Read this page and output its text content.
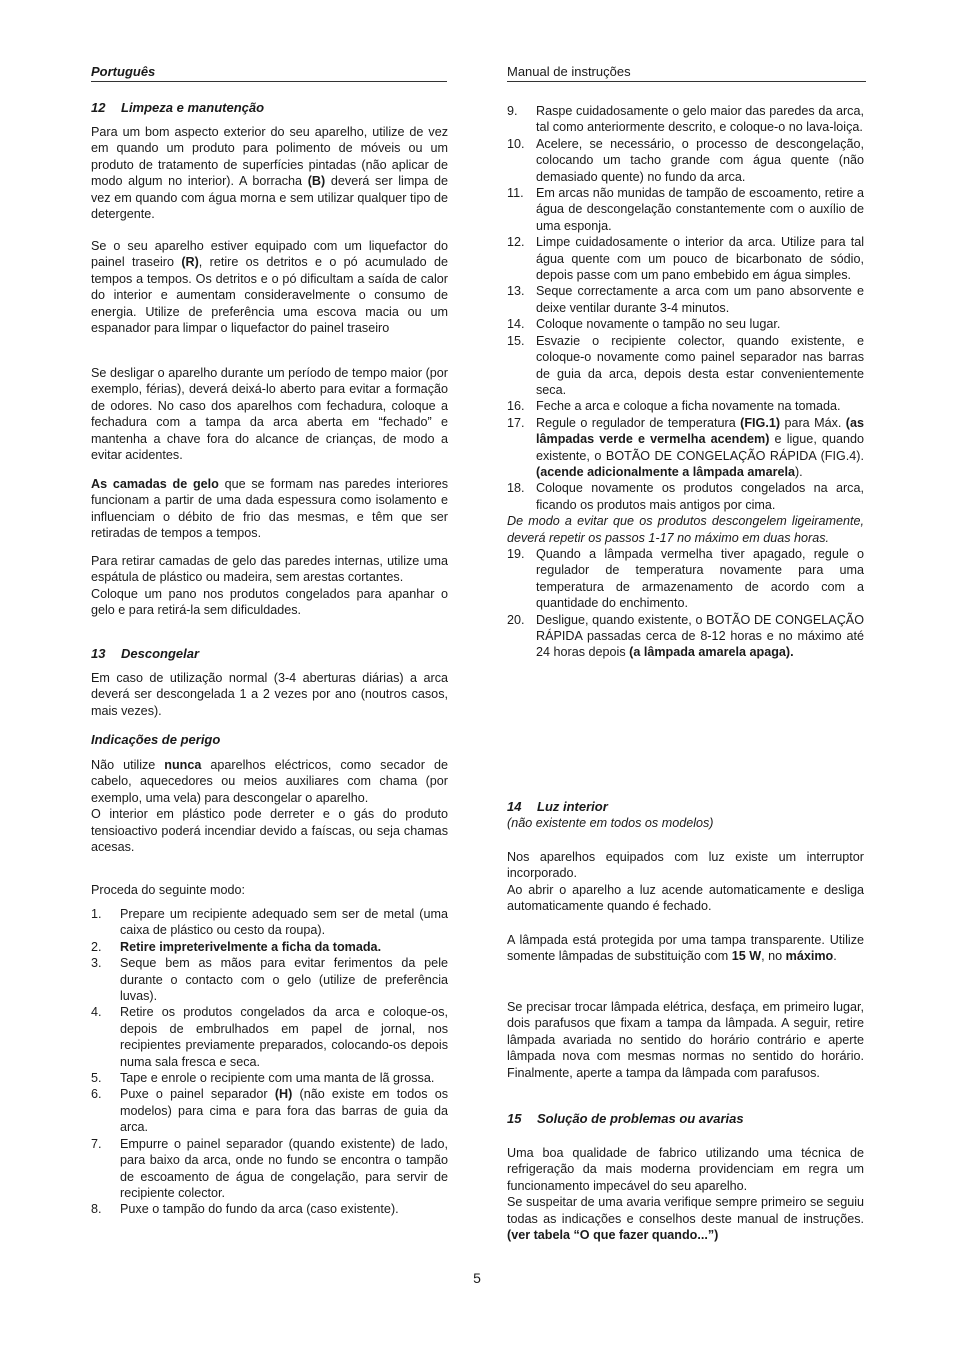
Português	Manual de instruções
12 Limpeza e manutenção

Para um bom aspecto exterior do seu aparelho, utilize de vez em quando um produto para polimento de móveis ou um produto de tratamento de superfícies pintadas (não aplicar de modo algum no interior). A borracha (B) deverá ser limpa de vez em quando com água morna e sem utilizar qualquer tipo de detergente.

Se o seu aparelho estiver equipado com um liquefactor do painel traseiro (R), retire os detritos e o pó acumulado de tempos a tempos. Os detritos e o pó dificultam a saída de calor do interior e aumentam consideravelmente o consumo de energia. Utilize de preferência uma escova macia ou um espanador para limpar o liquefactor do painel traseiro

Se desligar o aparelho durante um período de tempo maior (por exemplo, férias), deverá deixá-lo aberto para evitar a formação de odores. No caso dos aparelhos com fechadura, coloque a fechadura com a tampa da arca aberta em “fechado” e mantenha a chave fora do alcance de crianças, de modo a evitar acidentes.

As camadas de gelo que se formam nas paredes interiores funcionam a partir de uma dada espessura como isolamento e influenciam o débito de frio das mesmas, e têm que ser retiradas de tempos a tempos.

Para retirar camadas de gelo das paredes internas, utilize uma espátula de plástico ou madeira, sem arestas cortantes.

Coloque um pano nos produtos congelados para apanhar o gelo e para retirá-la sem dificuldades.

13 Descongelar

Em caso de utilização normal (3-4 aberturas diárias) a arca deverá ser descongelada 1 a 2 vezes por ano (noutros casos, mais vezes).

Indicações de perigo

Não utilize nunca aparelhos eléctricos, como secador de cabelo, aquecedores ou meios auxiliares com chama (por exemplo, uma vela) para descongelar o aparelho.

O interior em plástico pode derreter e o gás do produto tensioactivo poderá incendiar devido a faíscas, ou seja chamas acesas.

Proceda do seguinte modo:

1. Prepare um recipiente adequado sem ser de metal (uma caixa de plástico ou cesto da roupa).
2. Retire impreterivelmente a ficha da tomada.
3. Seque bem as mãos para evitar ferimentos da pele durante o contacto com o gelo (utilize de preferência luvas).
4. Retire os produtos congelados da arca e coloque-os, depois de embrulhados em papel de jornal, nos recipientes previamente preparados, colocando-os depois numa sala fresca e seca.
5. Tape e enrole o recipiente com uma manta de lã grossa.
6. Puxe o painel separador (H) (não existe em todos os modelos) para cima e para fora das barras de guia da arca.
7. Empurre o painel separador (quando existente) de lado, para baixo da arca, onde no fundo se encontra o tampão de escoamento de água de congelação, para servir de recipiente colector.
8. Puxe o tampão do fundo da arca (caso existente).
9. Raspe cuidadosamente o gelo maior das paredes da arca, tal como anteriormente descrito, e coloque-o no lava-loiça.
10. Acelere, se necessário, o processo de descongelação, colocando um tacho grande com água quente (não demasiado quente) no fundo da arca.
11. Em arcas não munidas de tampão de escoamento, retire a água de descongelação constantemente com o auxílio de uma esponja.
12. Limpe cuidadosamente o interior da arca. Utilize para tal água quente com um pouco de bicarbonato de sódio, depois passe com um pano embebido em água simples.
13. Seque correctamente a arca com um pano absorvente e deixe ventilar durante 3-4 minutos.
14. Coloque novamente o tampão no seu lugar.
15. Esvazie o recipiente colector, quando existente, e coloque-o novamente como painel separador nas barras de guia da arca, depois desta estar convenientemente seca.
16. Feche a arca e coloque a ficha novamente na tomada.
17. Regule o regulador de temperatura (FIG.1) para Máx. (as lâmpadas verde e vermelha acendem) e ligue, quando existente, o BOTÃO DE CONGELAÇÃO RÁPIDA (FIG.4). (acende adicionalmente a lâmpada amarela).
18. Coloque novamente os produtos congelados na arca, ficando os produtos mais antigos por cima.

De modo a evitar que os produtos descongelem ligeiramente, deverá repetir os passos 1-17 no máximo em duas horas.

19. Quando a lâmpada vermelha tiver apagado, regule o regulador de temperatura novamente para uma temperatura de armazenamento de acordo com a quantidade do enchimento.
20. Desligue, quando existente, o BOTÃO DE CONGELAÇÃO RÁPIDA passadas cerca de 8-12 horas e no máximo até 24 horas depois (a lâmpada amarela apaga).
14 Luz interior

(não existente em todos os modelos)

Nos aparelhos equipados com luz existe um interruptor incorporado.

Ao abrir o aparelho a luz acende automaticamente e desliga automaticamente quando é fechado.

A lâmpada está protegida por uma tampa transparente. Utilize somente lâmpadas de substituição com 15 W, no máximo.

Se precisar trocar lâmpada elétrica, desfaça, em primeiro lugar, dois parafusos que fixam a tampa da lâmpada. A seguir, retire lâmpada avariada no sentido do horário contrário e aperte lâmpada nova com mesmas normas no sentido do horário. Finalmente, aperte a tampa da lâmpada com parafusos.

15 Solução de problemas ou avarias

Uma boa qualidade de fabrico utilizando uma técnica de refrigeração da mais moderna providenciam em regra um funcionamento impecável do seu aparelho.

Se suspeitar de uma avaria verifique sempre primeiro se seguiu todas as indicações e conselhos deste manual de instruções. (ver tabela “O que fazer quando...”)

5
